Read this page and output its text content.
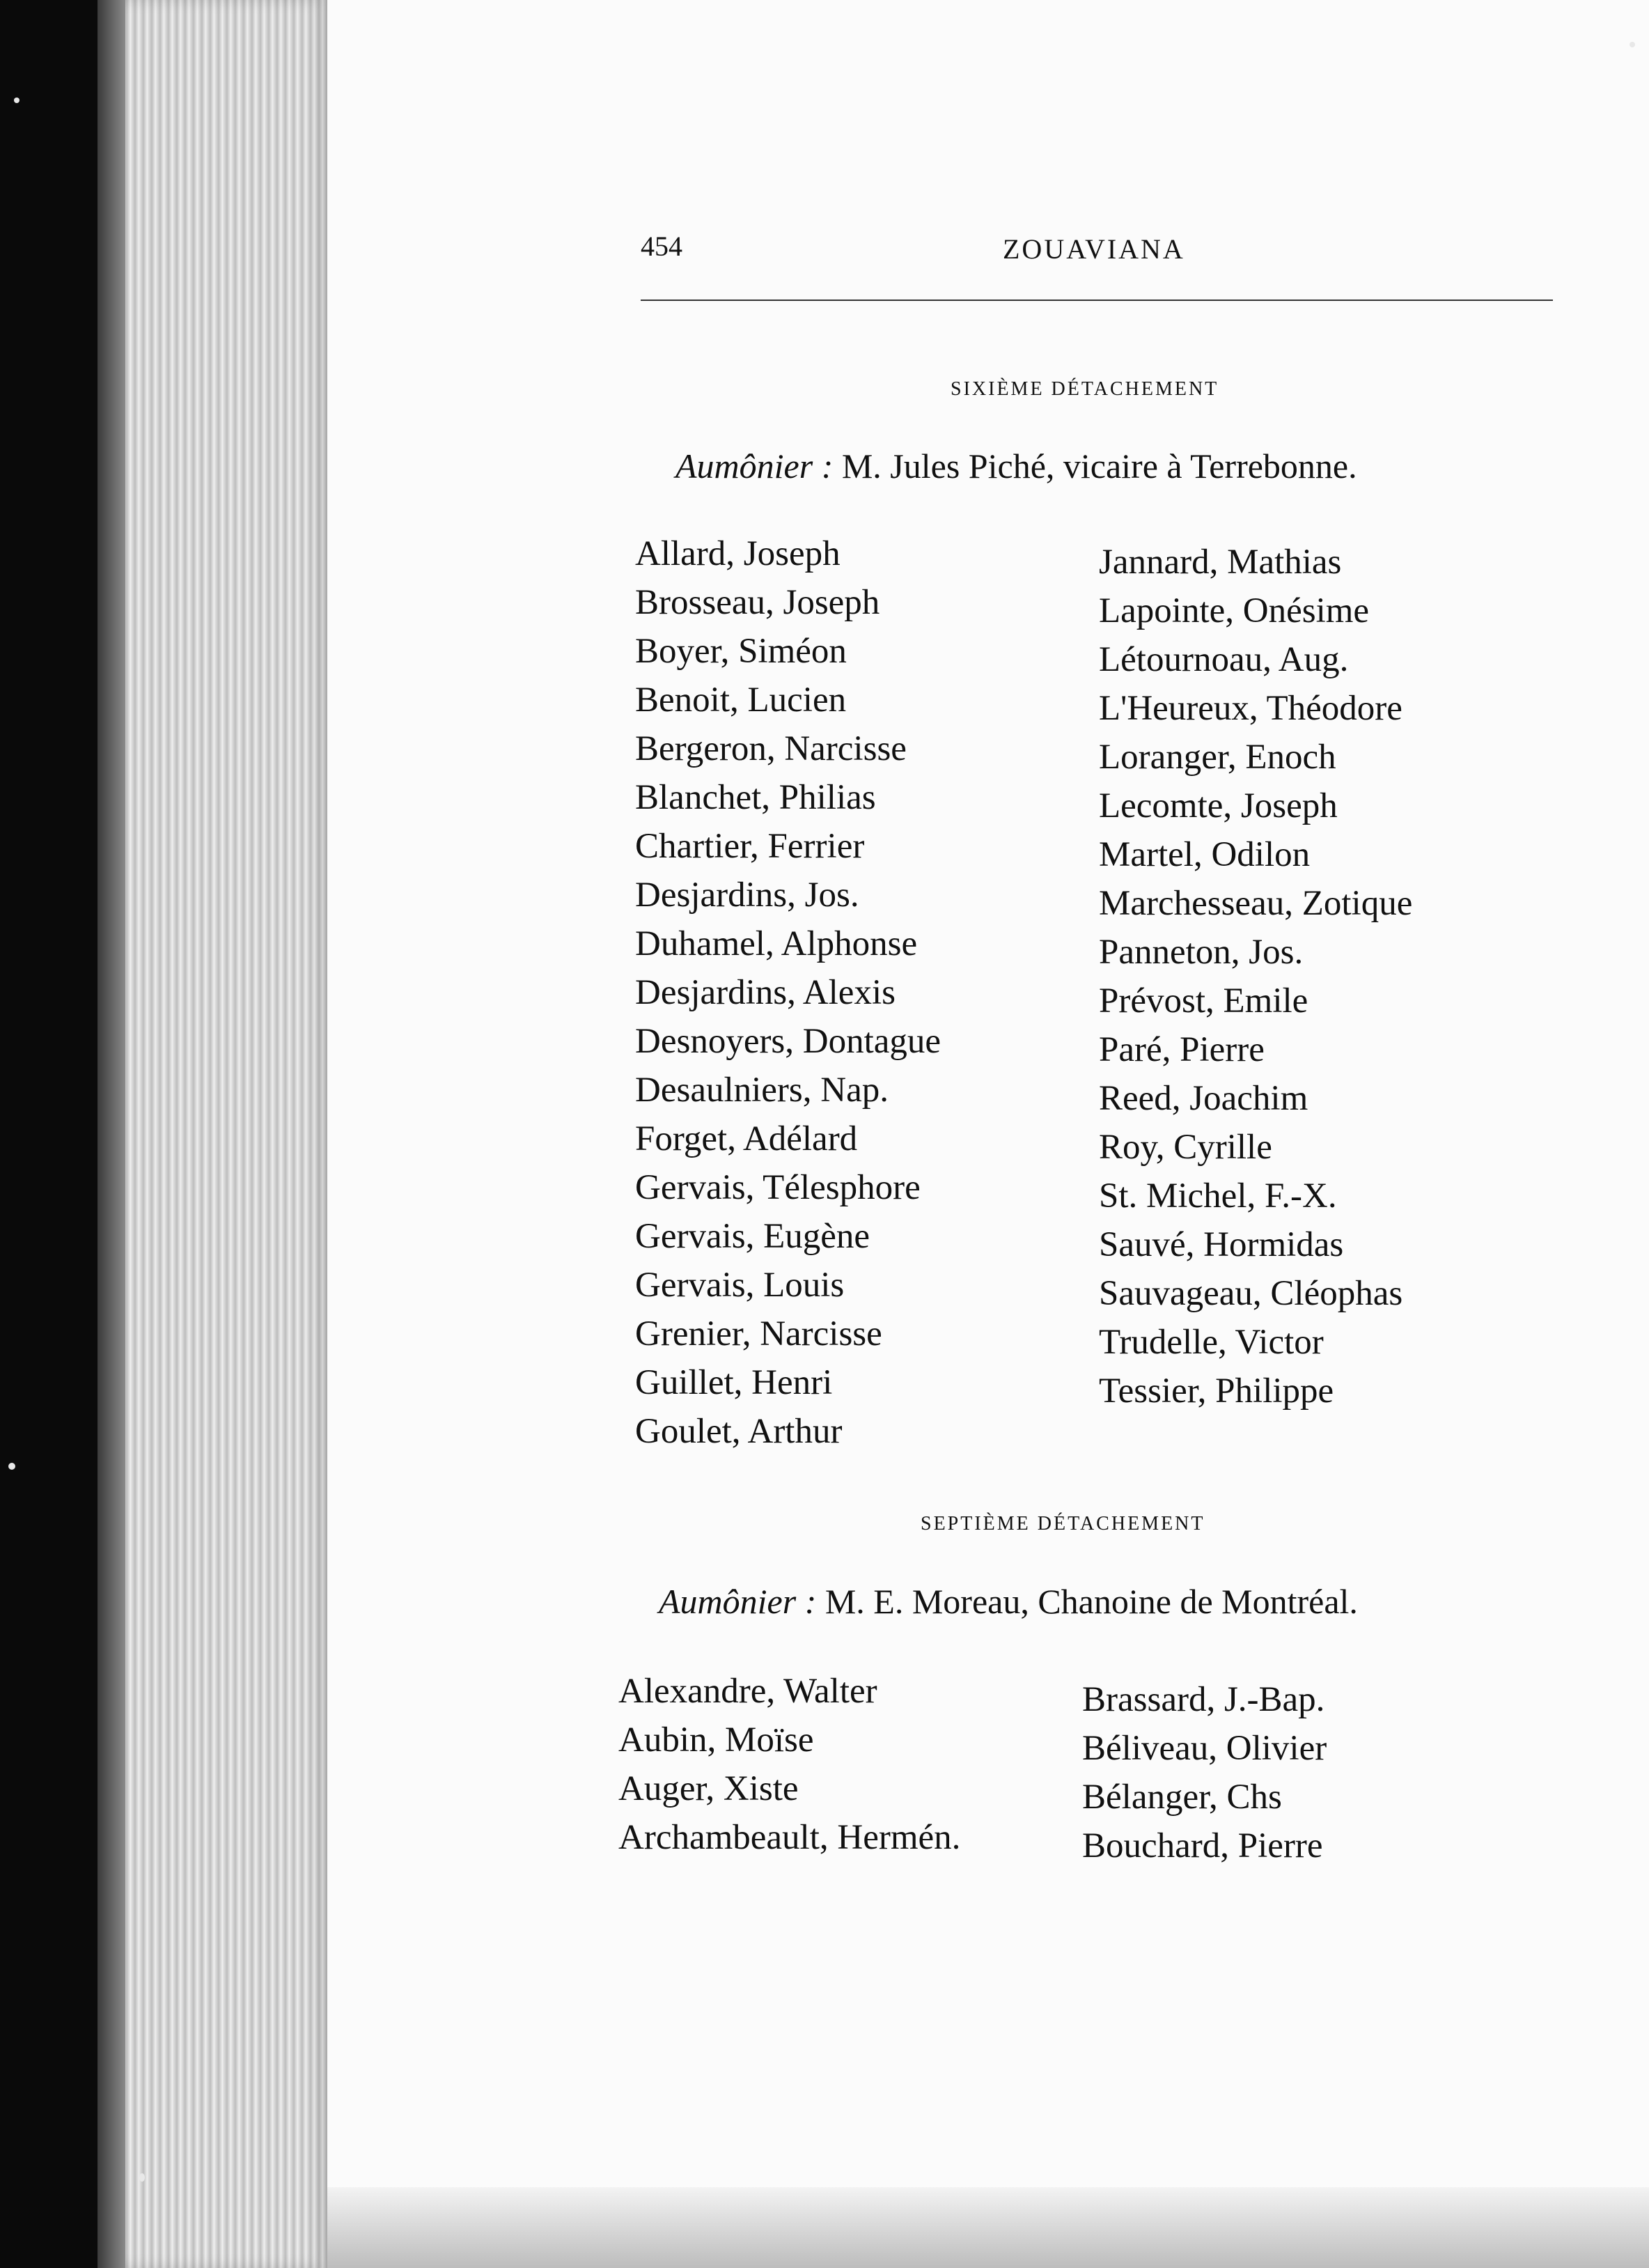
454	ZOUAVIANA
SIXIÈME DÉTACHEMENT
Aumônier : M. Jules Piché, vicaire à Terrebonne.
Allard, Joseph
Brosseau, Joseph
Boyer, Siméon
Benoit, Lucien
Bergeron, Narcisse
Blanchet, Philias
Chartier, Ferrier
Desjardins, Jos.
Duhamel, Alphonse
Desjardins, Alexis
Desnoyers, Dontague
Desaulniers, Nap.
Forget, Adélard
Gervais, Télesphore
Gervais, Eugène
Gervais, Louis
Grenier, Narcisse
Guillet, Henri
Goulet, Arthur
Jannard, Mathias
Lapointe, Onésime
Létournoau, Aug.
L'Heureux, Théodore
Loranger, Enoch
Lecomte, Joseph
Martel, Odilon
Marchesseau, Zotique
Panneton, Jos.
Prévost, Emile
Paré, Pierre
Reed, Joachim
Roy, Cyrille
St. Michel, F.-X.
Sauvé, Hormidas
Sauvageau, Cléophas
Trudelle, Victor
Tessier, Philippe
SEPTIÈME DÉTACHEMENT
Aumônier : M. E. Moreau, Chanoine de Montréal.
Alexandre, Walter
Aubin, Moïse
Auger, Xiste
Archambeault, Hermén.
Brassard, J.-Bap.
Béliveau, Olivier
Bélanger, Chs
Bouchard, Pierre
